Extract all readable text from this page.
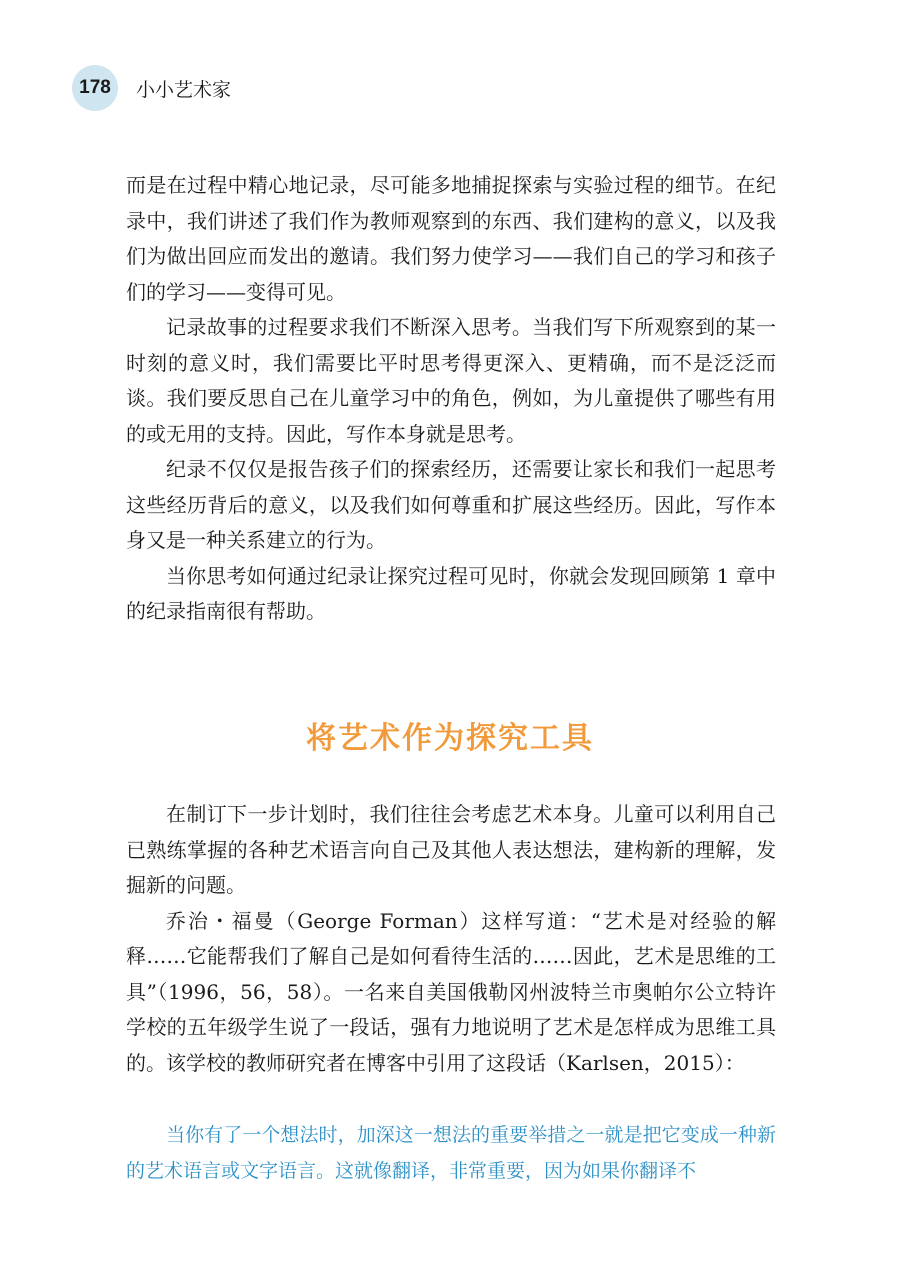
178	小小艺术家

而是在过程中精心地记录，尽可能多地捕捉探索与实验过程的细节。在纪录中，我们讲述了我们作为教师观察到的东西、我们建构的意义，以及我们为做出回应而发出的邀请。我们努力使学习——我们自己的学习和孩子们的学习——变得可见。

记录故事的过程要求我们不断深入思考。当我们写下所观察到的某一时刻的意义时，我们需要比平时思考得更深入、更精确，而不是泛泛而谈。我们要反思自己在儿童学习中的角色，例如，为儿童提供了哪些有用的或无用的支持。因此，写作本身就是思考。

纪录不仅仅是报告孩子们的探索经历，还需要让家长和我们一起思考这些经历背后的意义，以及我们如何尊重和扩展这些经历。因此，写作本身又是一种关系建立的行为。

当你思考如何通过纪录让探究过程可见时，你就会发现回顾第 1 章中的纪录指南很有帮助。

将艺术作为探究工具

在制订下一步计划时，我们往往会考虑艺术本身。儿童可以利用自己已熟练掌握的各种艺术语言向自己及其他人表达想法，建构新的理解，发掘新的问题。

乔治・福曼（George Forman）这样写道：“艺术是对经验的解释……它能帮我们了解自己是如何看待生活的……因此，艺术是思维的工具”（1996，56，58）。一名来自美国俄勒冈州波特兰市奥帕尔公立特许学校的五年级学生说了一段话，强有力地说明了艺术是怎样成为思维工具的。该学校的教师研究者在博客中引用了这段话（Karlsen，2015）：

当你有了一个想法时，加深这一想法的重要举措之一就是把它变成一种新的艺术语言或文字语言。这就像翻译，非常重要，因为如果你翻译不
